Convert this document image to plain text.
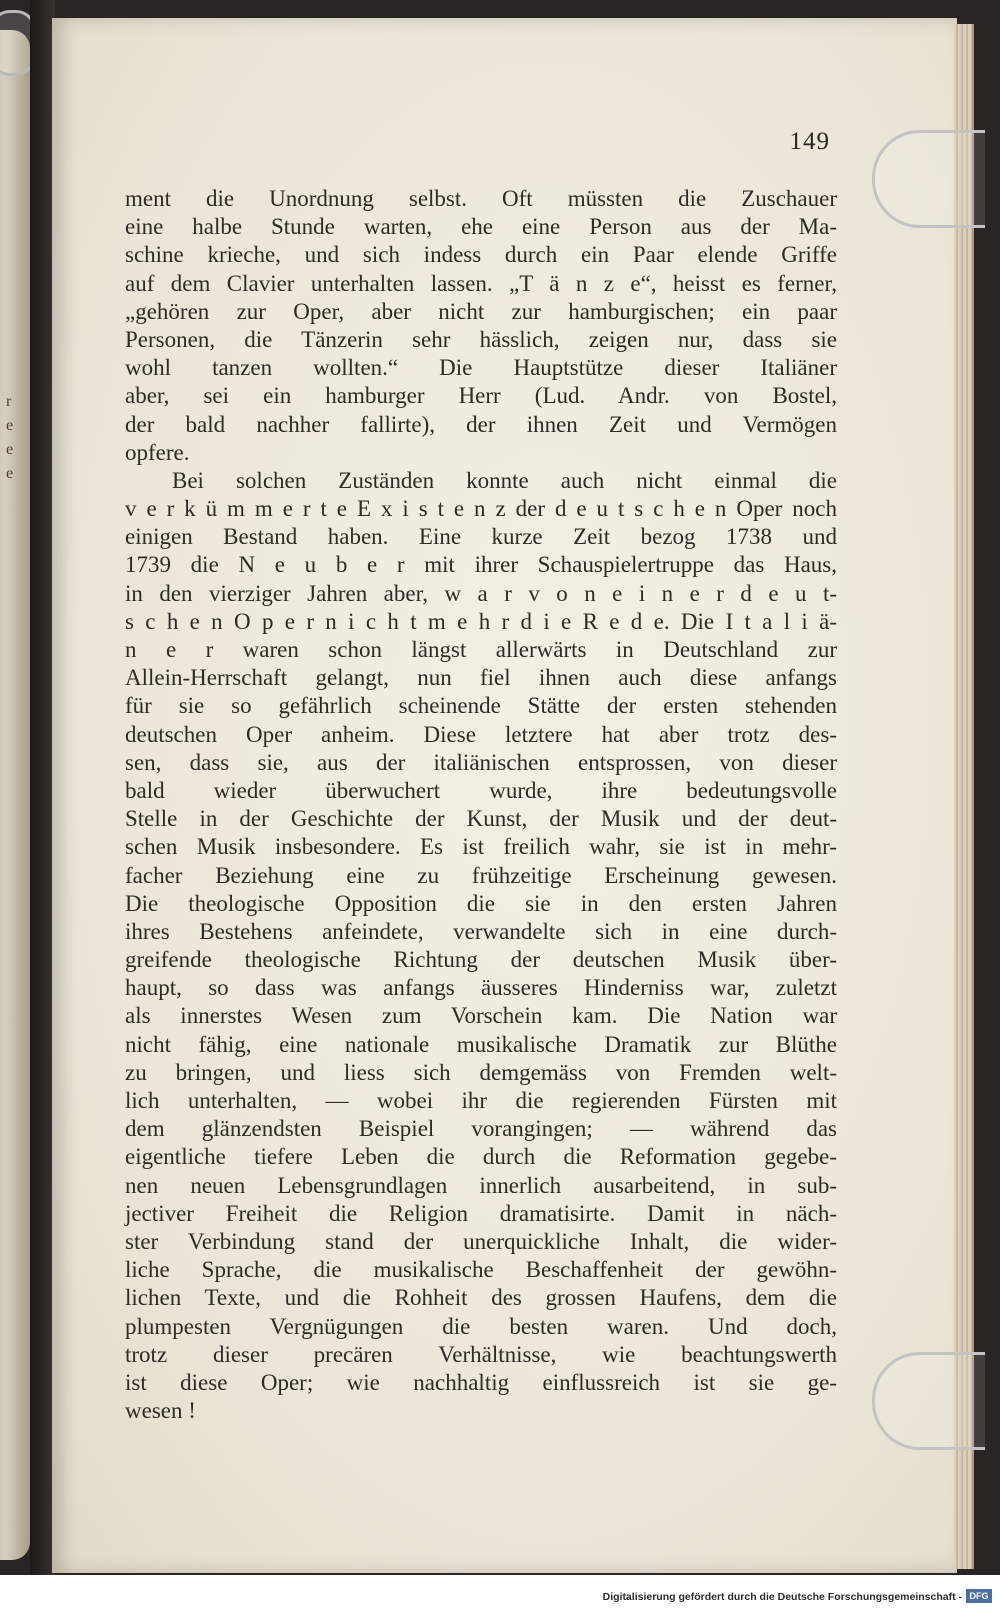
r
e
e
e
149
ment die Unordnung selbst. Oft müssten die Zuschauer
eine halbe Stunde warten, ehe eine Person aus der Ma-
schine krieche, und sich indess durch ein Paar elende Griffe
auf dem Clavier unterhalten lassen. „T ä n z e“, heisst es ferner,
„gehören zur Oper, aber nicht zur hamburgischen; ein paar
Personen, die Tänzerin sehr hässlich, zeigen nur, dass sie
wohl tanzen wollten.“ Die Hauptstütze dieser Italiäner
aber, sei ein hamburger Herr (Lud. Andr. von Bostel,
der bald nachher fallirte), der ihnen Zeit und Vermögen
opfere.
Bei solchen Zuständen konnte auch nicht einmal die
v e r k ü m m e r t e E x i s t e n z der d e u t s c h e n Oper noch
einigen Bestand haben. Eine kurze Zeit bezog 1738 und
1739 die N e u b e r mit ihrer Schauspielertruppe das Haus,
in den vierziger Jahren aber, w a r v o n e i n e r d e u t-
s c h e n O p e r n i c h t m e h r d i e R e d e. Die I t a l i ä-
n e r waren schon längst allerwärts in Deutschland zur
Allein-Herrschaft gelangt, nun fiel ihnen auch diese anfangs
für sie so gefährlich scheinende Stätte der ersten stehenden
deutschen Oper anheim. Diese letztere hat aber trotz des-
sen, dass sie, aus der italiänischen entsprossen, von dieser
bald wieder überwuchert wurde, ihre bedeutungsvolle
Stelle in der Geschichte der Kunst, der Musik und der deut-
schen Musik insbesondere. Es ist freilich wahr, sie ist in mehr-
facher Beziehung eine zu frühzeitige Erscheinung gewesen.
Die theologische Opposition die sie in den ersten Jahren
ihres Bestehens anfeindete, verwandelte sich in eine durch-
greifende theologische Richtung der deutschen Musik über-
haupt, so dass was anfangs äusseres Hinderniss war, zuletzt
als innerstes Wesen zum Vorschein kam. Die Nation war
nicht fähig, eine nationale musikalische Dramatik zur Blüthe
zu bringen, und liess sich demgemäss von Fremden welt-
lich unterhalten, — wobei ihr die regierenden Fürsten mit
dem glänzendsten Beispiel vorangingen; — während das
eigentliche tiefere Leben die durch die Reformation gegebe-
nen neuen Lebensgrundlagen innerlich ausarbeitend, in sub-
jectiver Freiheit die Religion dramatisirte. Damit in näch-
ster Verbindung stand der unerquickliche Inhalt, die wider-
liche Sprache, die musikalische Beschaffenheit der gewöhn-
lichen Texte, und die Rohheit des grossen Haufens, dem die
plumpesten Vergnügungen die besten waren. Und doch,
trotz dieser precären Verhältnisse, wie beachtungswerth
ist diese Oper; wie nachhaltig einflussreich ist sie ge-
wesen !
Digitalisierung gefördert durch die Deutsche Forschungsgemeinschaft - DFG
